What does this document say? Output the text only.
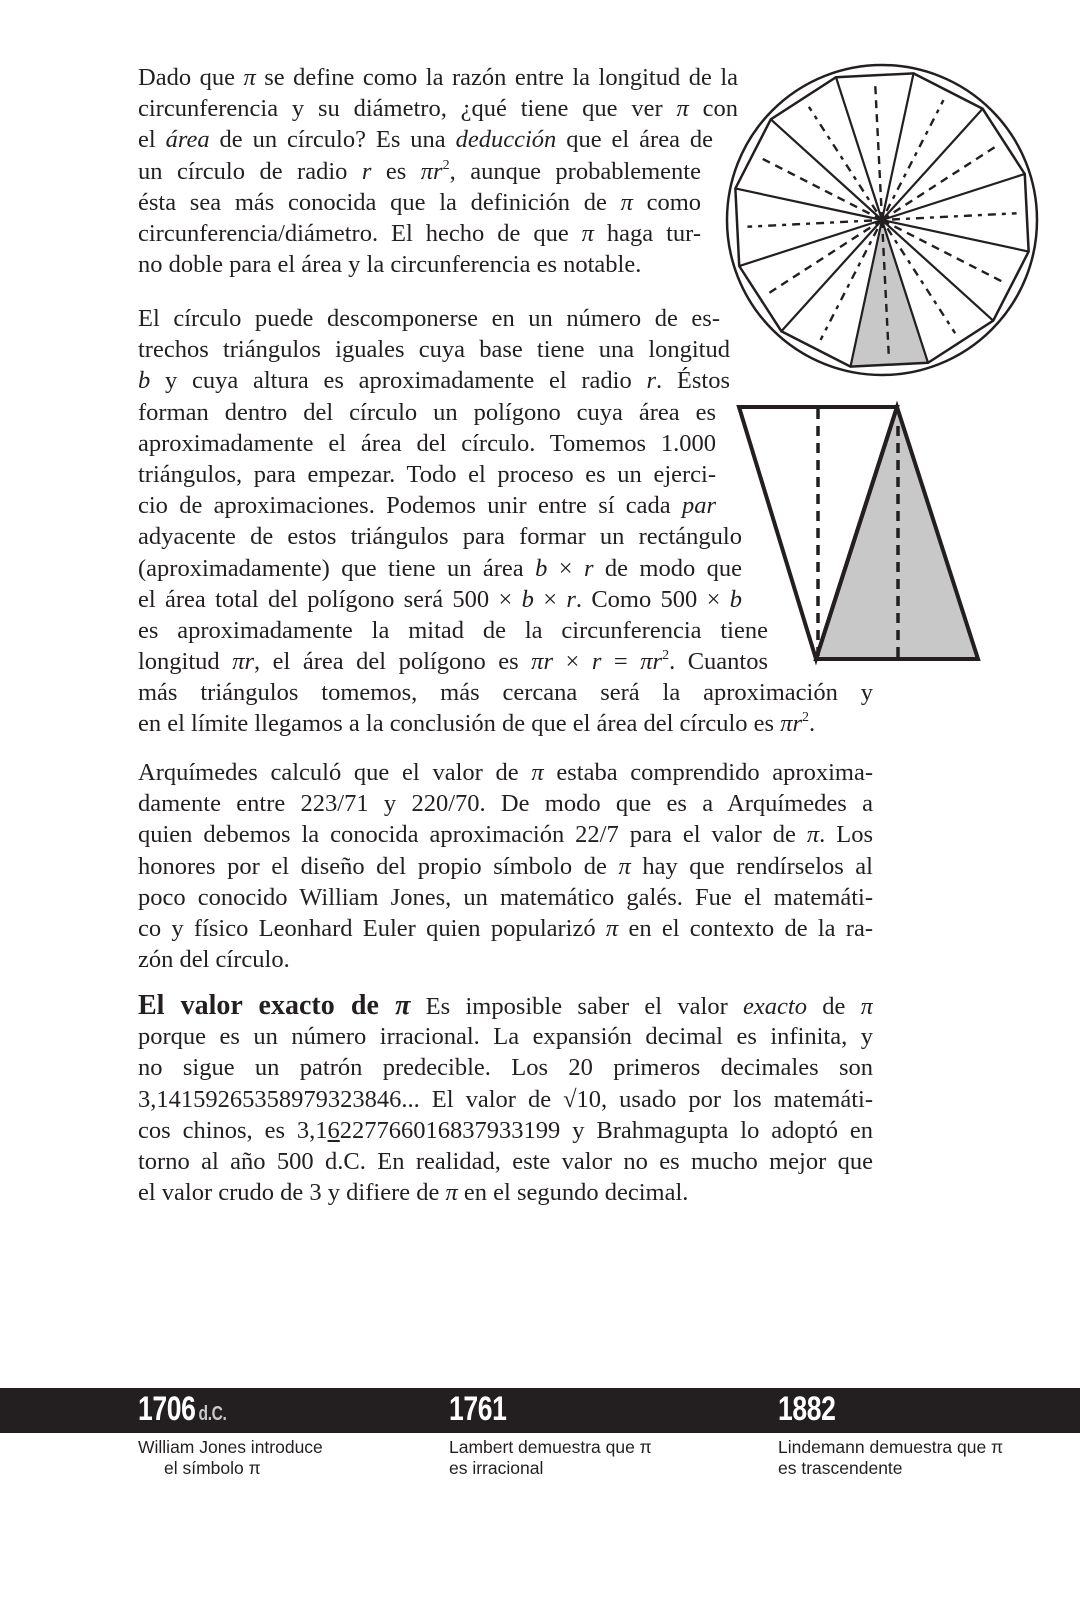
Dado que π se define como la razón entre la longitud de la
circunferencia y su diámetro, ¿qué tiene que ver π con
el área de un círculo? Es una deducción que el área de
un círculo de radio r es $\pi r^2$, aunque probablemente
ésta sea más conocida que la definición de π como
circunferencia/diámetro. El hecho de que π haga tur-
no doble para el área y la circunferencia es notable.
El círculo puede descomponerse en un número de es-
trechos triángulos iguales cuya base tiene una longitud
b y cuya altura es aproximadamente el radio r. Éstos
forman dentro del círculo un polígono cuya área es
aproximadamente el área del círculo. Tomemos 1.000
triángulos, para empezar. Todo el proceso es un ejerci-
cio de aproximaciones. Podemos unir entre sí cada par
adyacente de estos triángulos para formar un rectángulo
(aproximadamente) que tiene un área b × r de modo que
el área total del polígono será 500 × b × r. Como 500 × b
es aproximadamente la mitad de la circunferencia tiene
longitud πr, el área del polígono es $\pi r \times r = \pi r^2$. Cuantos
más triángulos tomemos, más cercana será la aproximación y
en el límite llegamos a la conclusión de que el área del círculo es $\pi r^2$.
Arquímedes calculó que el valor de π estaba comprendido aproxima-
damente entre 223/71 y 220/70. De modo que es a Arquímedes a
quien debemos la conocida aproximación 22/7 para el valor de π. Los
honores por el diseño del propio símbolo de π hay que rendírselos al
poco conocido William Jones, un matemático galés. Fue el matemáti-
co y físico Leonhard Euler quien popularizó π en el contexto de la ra-
zón del círculo.
El valor exacto de π Es imposible saber el valor exacto de π
porque es un número irracional. La expansión decimal es infinita, y
no sigue un patrón predecible. Los 20 primeros decimales son
3,14159265358979323846... El valor de √10, usado por los matemáti-
cos chinos, es 3,16227766016837933199 y Brahmagupta lo adoptó en
torno al año 500 d.C. En realidad, este valor no es mucho mejor que
el valor crudo de 3 y difiere de π en el segundo decimal.
1706 d.C.	1761	1882
William Jones introduce
el símbolo π
Lambert demuestra que π
es irracional
Lindemann demuestra que π
es trascendente
